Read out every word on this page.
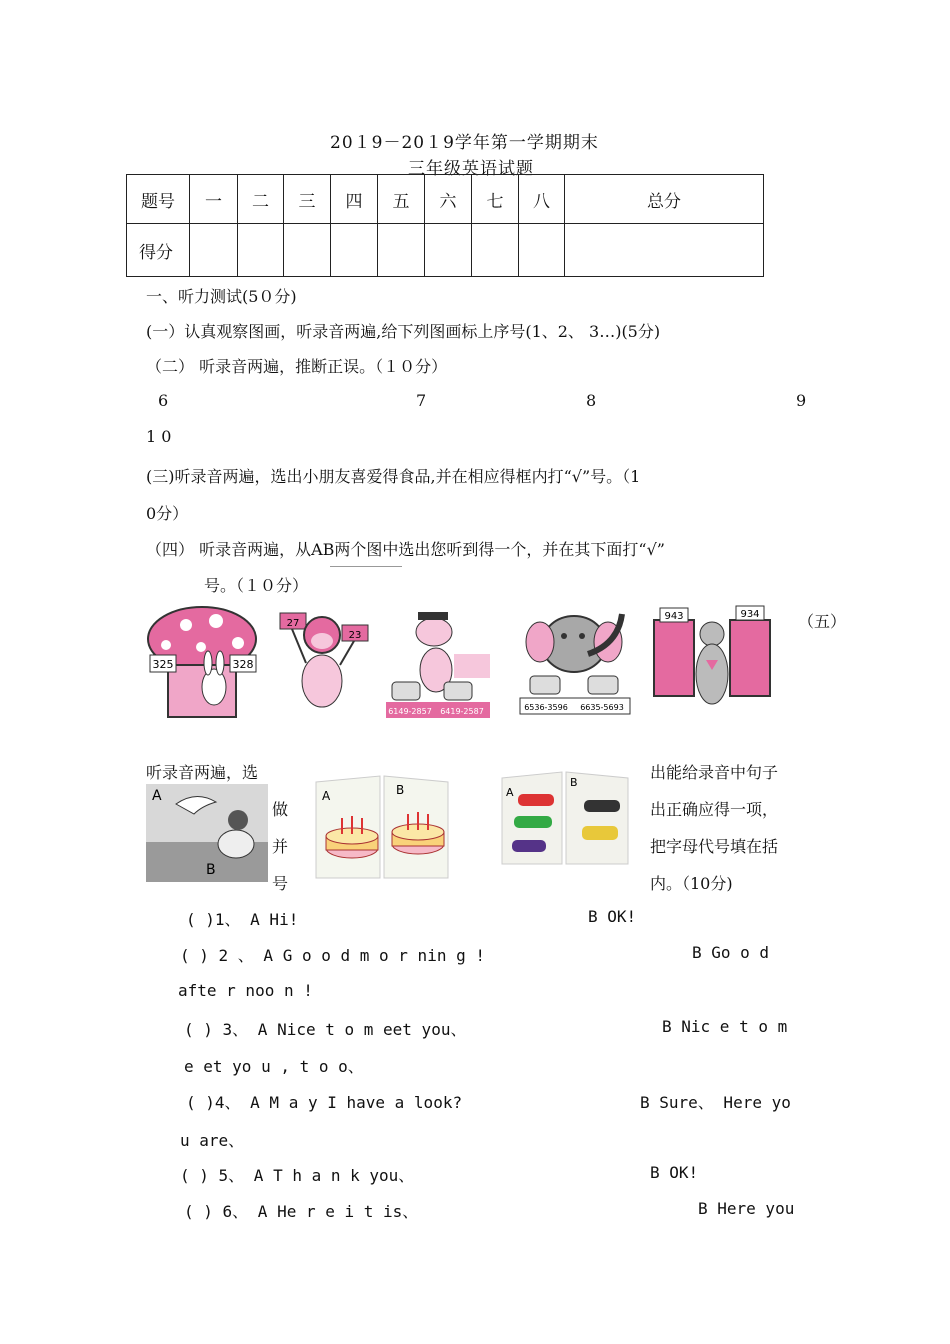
20１9－20１9学年第一学期期末
三年级英语试题
题号	一	二	三	四	五	六	七	八	总分
得分									
一、听力测试(5０分)
(一）认真观察图画，听录音两遍,给下列图画标上序号(1、2、 3…)(5分)
（二） 听录音两遍，推断正误。（１０分）
6	7	8	9
1 0
(三)听录音两遍，选出小朋友喜爱得食品,并在相应得框内打“√”号。（1
0分）
（四） 听录音两遍，从AB两个图中选出您听到得一个，并在其下面打“√”
号。（１０分）
（五）
325	328
27
23
6149-2857 6419-2587	6536-3596 6635-5693
943	934
听录音两遍，选
做
并
号
出能给录音中句子
出正确应得一项，
把字母代号填在括
内。（10分)
A
B
A	B	A
B
( )1、 A Hi!	B OK!
( ) 2 、 A G o o d m o r nin g !	B Go o d
afte r noo n !
( ) 3、 A Nice t o m eet you、	B Nic e t o m
e et yo u , t o o、
( )4、 A M a y I have a look?	B Sure、 Here yo
u are、
( ) 5、 A T h a n k you、	B OK!
( ) 6、 A He r e i t is、	B Here you
